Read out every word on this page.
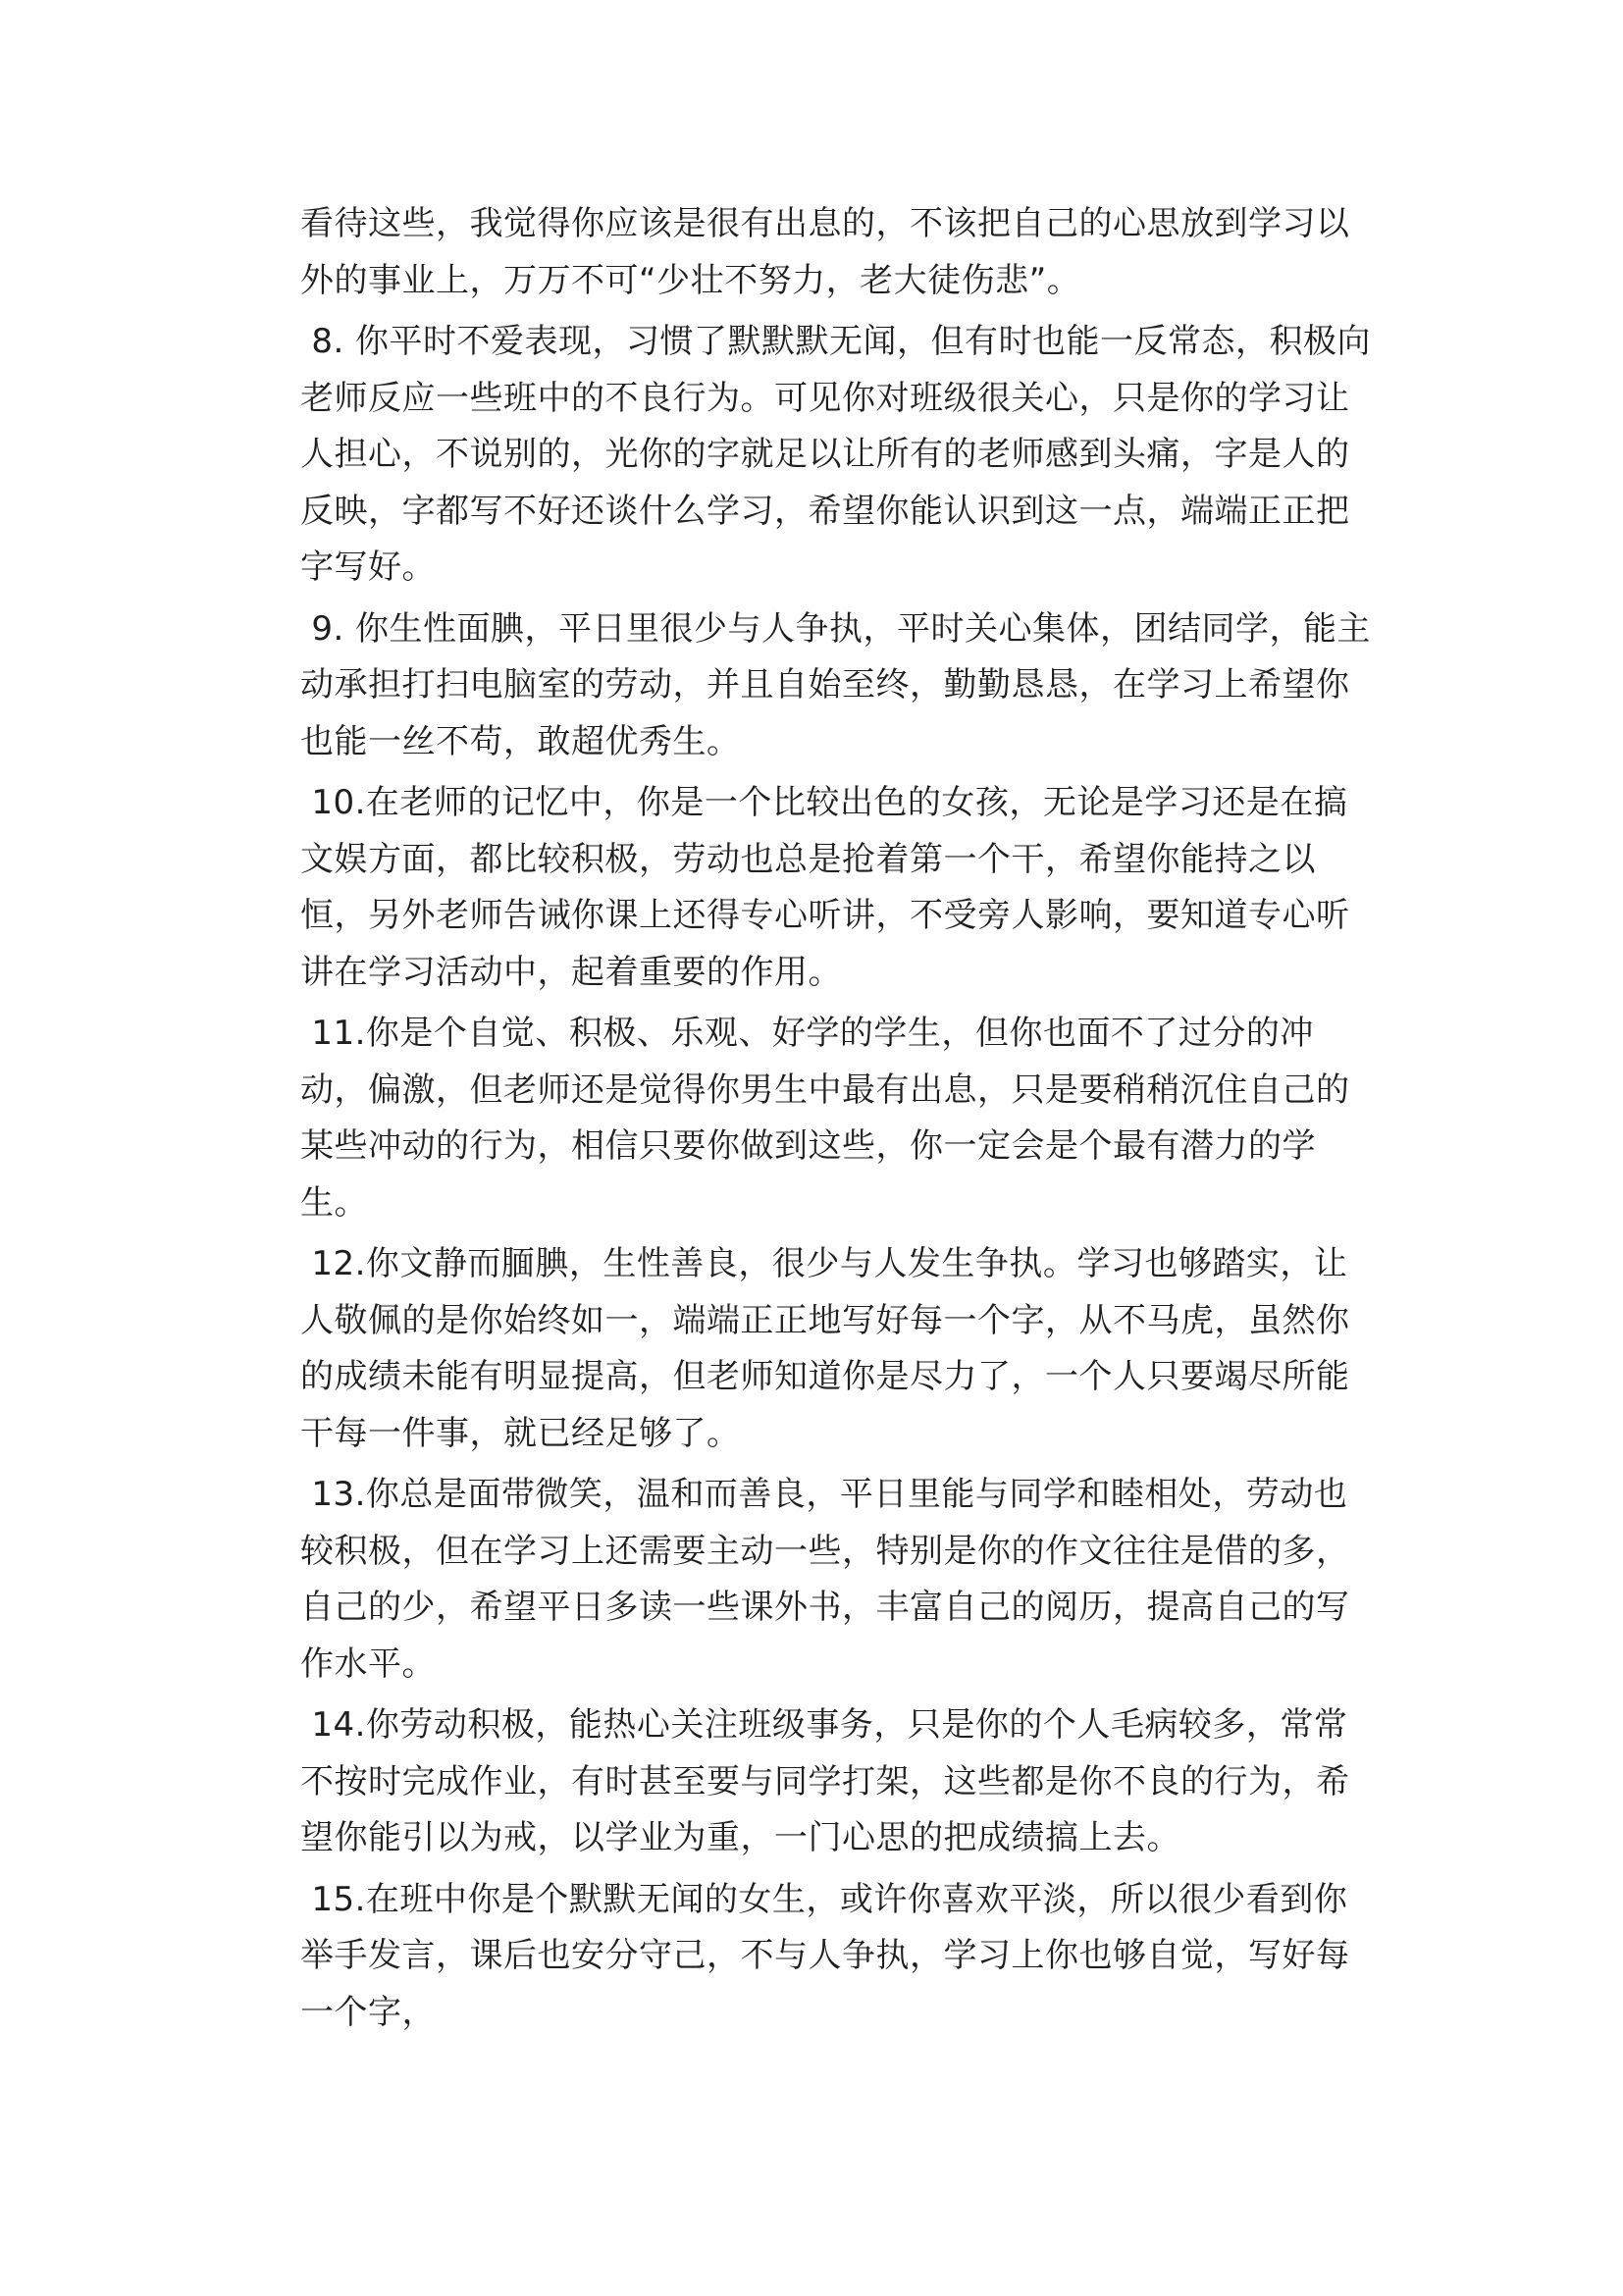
看待这些，我觉得你应该是很有出息的，不该把自己的心思放到学习以外的事业上，万万不可“少壮不努力，老大徒伤悲”。

8. 你平时不爱表现，习惯了默默默无闻，但有时也能一反常态，积极向老师反应一些班中的不良行为。可见你对班级很关心，只是你的学习让人担心，不说别的，光你的字就足以让所有的老师感到头痛，字是人的反映，字都写不好还谈什么学习，希望你能认识到这一点，端端正正把字写好。

9. 你生性面腆，平日里很少与人争执，平时关心集体，团结同学，能主动承担打扫电脑室的劳动，并且自始至终，勤勤恳恳，在学习上希望你也能一丝不苟，敢超优秀生。

10.在老师的记忆中，你是一个比较出色的女孩，无论是学习还是在搞文娱方面，都比较积极，劳动也总是抢着第一个干，希望你能持之以恒，另外老师告诫你课上还得专心听讲，不受旁人影响，要知道专心听讲在学习活动中，起着重要的作用。

11.你是个自觉、积极、乐观、好学的学生，但你也面不了过分的冲动，偏激，但老师还是觉得你男生中最有出息，只是要稍稍沉住自己的某些冲动的行为，相信只要你做到这些，你一定会是个最有潜力的学生。

12.你文静而腼腆，生性善良，很少与人发生争执。学习也够踏实，让人敬佩的是你始终如一，端端正正地写好每一个字，从不马虎，虽然你的成绩未能有明显提高，但老师知道你是尽力了，一个人只要竭尽所能干每一件事，就已经足够了。

13.你总是面带微笑，温和而善良，平日里能与同学和睦相处，劳动也较积极，但在学习上还需要主动一些，特别是你的作文往往是借的多，自己的少，希望平日多读一些课外书，丰富自己的阅历，提高自己的写作水平。

14.你劳动积极，能热心关注班级事务，只是你的个人毛病较多，常常不按时完成作业，有时甚至要与同学打架，这些都是你不良的行为，希望你能引以为戒，以学业为重，一门心思的把成绩搞上去。

15.在班中你是个默默无闻的女生，或许你喜欢平淡，所以很少看到你举手发言，课后也安分守己，不与人争执，学习上你也够自觉，写好每一个字，
